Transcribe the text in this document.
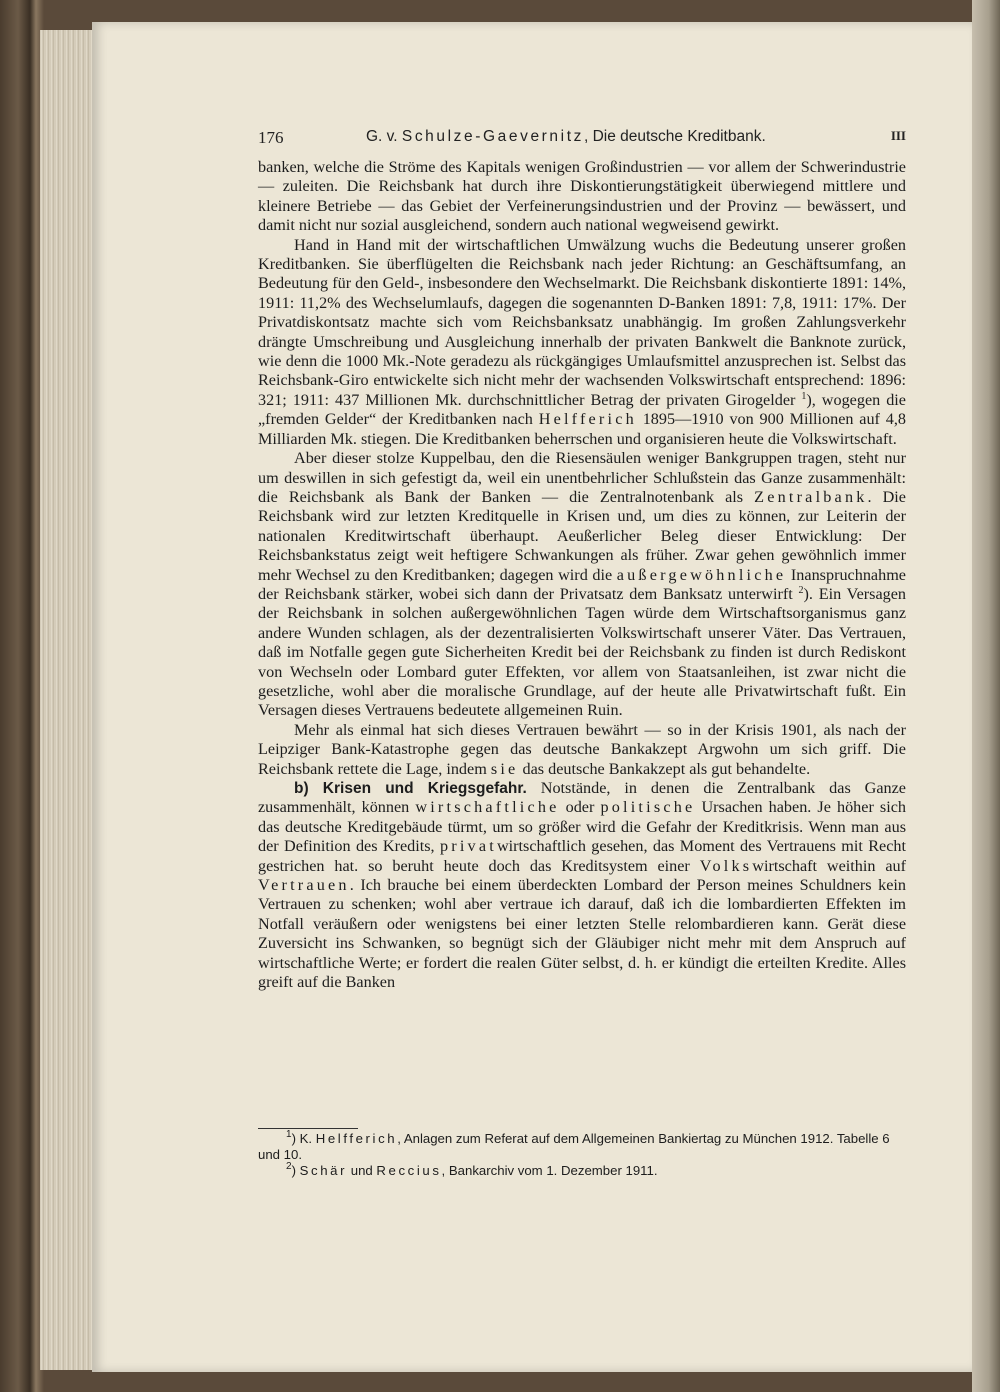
176	G. v. Schulze-Gaevernitz, Die deutsche Kreditbank.	III

banken, welche die Ströme des Kapitals wenigen Großindustrien — vor allem der Schwerindustrie — zuleiten. Die Reichsbank hat durch ihre Diskontierungstätigkeit überwiegend mittlere und kleinere Betriebe — das Gebiet der Verfeinerungsindustrien und der Provinz — bewässert, und damit nicht nur sozial ausgleichend, sondern auch national wegweisend gewirkt.

Hand in Hand mit der wirtschaftlichen Umwälzung wuchs die Bedeutung unserer großen Kreditbanken. Sie überflügelten die Reichsbank nach jeder Richtung: an Geschäftsumfang, an Bedeutung für den Geld-, insbesondere den Wechselmarkt. Die Reichsbank diskontierte 1891: 14%, 1911: 11,2% des Wechselumlaufs, dagegen die sogenannten D-Banken 1891: 7,8, 1911: 17%. Der Privatdiskontsatz machte sich vom Reichsbanksatz unabhängig. Im großen Zahlungsverkehr drängte Umschreibung und Ausgleichung innerhalb der privaten Bankwelt die Banknote zurück, wie denn die 1000 Mk.-Note geradezu als rückgängiges Umlaufsmittel anzusprechen ist. Selbst das Reichsbank-Giro entwickelte sich nicht mehr der wachsenden Volkswirtschaft entsprechend: 1896: 321; 1911: 437 Millionen Mk. durchschnittlicher Betrag der privaten Girogelder $^1$), wogegen die „fremden Gelder“ der Kreditbanken nach Helfferich 1895—1910 von 900 Millionen auf 4,8 Milliarden Mk. stiegen. Die Kreditbanken beherrschen und organisieren heute die Volkswirtschaft.

Aber dieser stolze Kuppelbau, den die Riesensäulen weniger Bankgruppen tragen, steht nur um deswillen in sich gefestigt da, weil ein unentbehrlicher Schlußstein das Ganze zusammenhält: die Reichsbank als Bank der Banken — die Zentralnotenbank als Zentralbank. Die Reichsbank wird zur letzten Kreditquelle in Krisen und, um dies zu können, zur Leiterin der nationalen Kreditwirtschaft überhaupt. Aeußerlicher Beleg dieser Entwicklung: Der Reichsbankstatus zeigt weit heftigere Schwankungen als früher. Zwar gehen gewöhnlich immer mehr Wechsel zu den Kreditbanken; dagegen wird die außergewöhnliche Inanspruchnahme der Reichsbank stärker, wobei sich dann der Privatsatz dem Banksatz unterwirft $^2$). Ein Versagen der Reichsbank in solchen außergewöhnlichen Tagen würde dem Wirtschaftsorganismus ganz andere Wunden schlagen, als der dezentralisierten Volkswirtschaft unserer Väter. Das Vertrauen, daß im Notfalle gegen gute Sicherheiten Kredit bei der Reichsbank zu finden ist durch Rediskont von Wechseln oder Lombard guter Effekten, vor allem von Staatsanleihen, ist zwar nicht die gesetzliche, wohl aber die moralische Grundlage, auf der heute alle Privatwirtschaft fußt. Ein Versagen dieses Vertrauens bedeutete allgemeinen Ruin.

Mehr als einmal hat sich dieses Vertrauen bewährt — so in der Krisis 1901, als nach der Leipziger Bank-Katastrophe gegen das deutsche Bankakzept Argwohn um sich griff. Die Reichsbank rettete die Lage, indem sie das deutsche Bankakzept als gut behandelte.

b) Krisen und Kriegsgefahr. Notstände, in denen die Zentralbank das Ganze zusammenhält, können wirtschaftliche oder politische Ursachen haben. Je höher sich das deutsche Kreditgebäude türmt, um so größer wird die Gefahr der Kreditkrisis. Wenn man aus der Definition des Kredits, privatwirtschaftlich gesehen, das Moment des Vertrauens mit Recht gestrichen hat. so beruht heute doch das Kreditsystem einer Volkswirtschaft weithin auf Vertrauen. Ich brauche bei einem überdeckten Lombard der Person meines Schuldners kein Vertrauen zu schenken; wohl aber vertraue ich darauf, daß ich die lombardierten Effekten im Notfall veräußern oder wenigstens bei einer letzten Stelle relombardieren kann. Gerät diese Zuversicht ins Schwanken, so begnügt sich der Gläubiger nicht mehr mit dem Anspruch auf wirtschaftliche Werte; er fordert die realen Güter selbst, d. h. er kündigt die erteilten Kredite. Alles greift auf die Banken

$^1$) K. Helfferich, Anlagen zum Referat auf dem Allgemeinen Bankiertag zu München 1912. Tabelle 6 und 10.

$^2$) Schär und Reccius, Bankarchiv vom 1. Dezember 1911.
